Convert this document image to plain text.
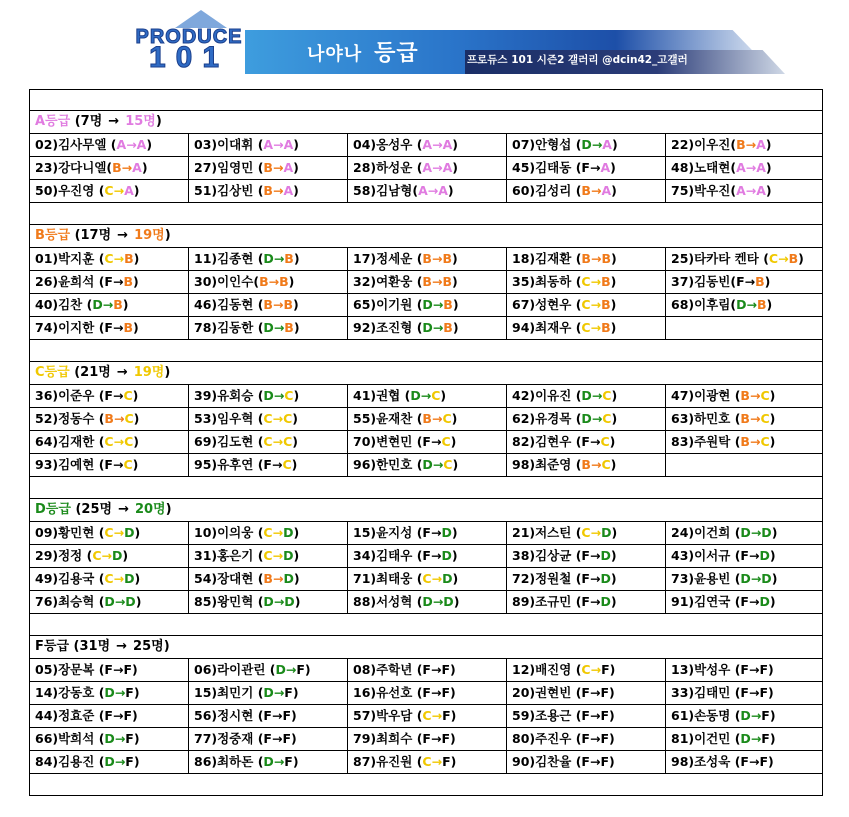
PRODUCE
101	나야나 등급	프로듀스 101 시즌2 갤러리 @dcin42_고갤러
A등급 (7명 → 15명)
02)김사무엘 (A→A)	03)이대휘 (A→A)	04)옹성우 (A→A)	07)안형섭 (D→A)	22)이우진(B→A)
23)강다니엘(B→A)	27)임영민 (B→A)	28)하성운 (A→A)	45)김태동 (F→A)	48)노태현(A→A)
50)우진영 (C→A)	51)김상빈 (B→A)	58)김남형(A→A)	60)김성리 (B→A)	75)박우진(A→A)
B등급 (17명 → 19명)
01)박지훈 (C→B)	11)김종현 (D→B)	17)정세운 (B→B)	18)김재환 (B→B)	25)타카타 켄타 (C→B)
26)윤희석 (F→B)	30)이인수(B→B)	32)여환웅 (B→B)	35)최동하 (C→B)	37)김동빈(F→B)
40)김찬 (D→B)	46)김동현 (B→B)	65)이기원 (D→B)	67)성현우 (C→B)	68)이후림(D→B)
74)이지한 (F→B)	78)김동한 (D→B)	92)조진형 (D→B)	94)최재우 (C→B)
C등급 (21명 → 19명)
36)이준우 (F→C)	39)유회승 (D→C)	41)권협 (D→C)	42)이유진 (D→C)	47)이광현 (B→C)
52)정동수 (B→C)	53)임우혁 (C→C)	55)윤재찬 (B→C)	62)유경목 (D→C)	63)하민호 (B→C)
64)김재한 (C→C)	69)김도현 (C→C)	70)변현민 (F→C)	82)김현우 (F→C)	83)주원탁 (B→C)
93)김예현 (F→C)	95)유후연 (F→C)	96)한민호 (D→C)	98)최준영 (B→C)
D등급 (25명 → 20명)
09)황민현 (C→D)	10)이의웅 (C→D)	15)윤지성 (F→D)	21)저스틴 (C→D)	24)이건희 (D→D)
29)정정 (C→D)	31)홍은기 (C→D)	34)김태우 (F→D)	38)김상균 (F→D)	43)이서규 (F→D)
49)김용국 (C→D)	54)장대현 (B→D)	71)최태웅 (C→D)	72)정원철 (F→D)	73)윤용빈 (D→D)
76)최승혁 (D→D)	85)왕민혁 (D→D)	88)서성혁 (D→D)	89)조규민 (F→D)	91)김연국 (F→D)
F등급 (31명 → 25명)
05)장문복 (F→F)	06)라이관린 (D→F)	08)주학년 (F→F)	12)배진영 (C→F)	13)박성우 (F→F)
14)강동호 (D→F)	15)최민기 (D→F)	16)유선호 (F→F)	20)권현빈 (F→F)	33)김태민 (F→F)
44)정효준 (F→F)	56)정시현 (F→F)	57)박우담 (C→F)	59)조용근 (F→F)	61)손동명 (D→F)
66)박희석 (D→F)	77)정중재 (F→F)	79)최희수 (F→F)	80)주진우 (F→F)	81)이건민 (D→F)
84)김용진 (D→F)	86)최하돈 (D→F)	87)유진원 (C→F)	90)김찬율 (F→F)	98)조성욱 (F→F)
